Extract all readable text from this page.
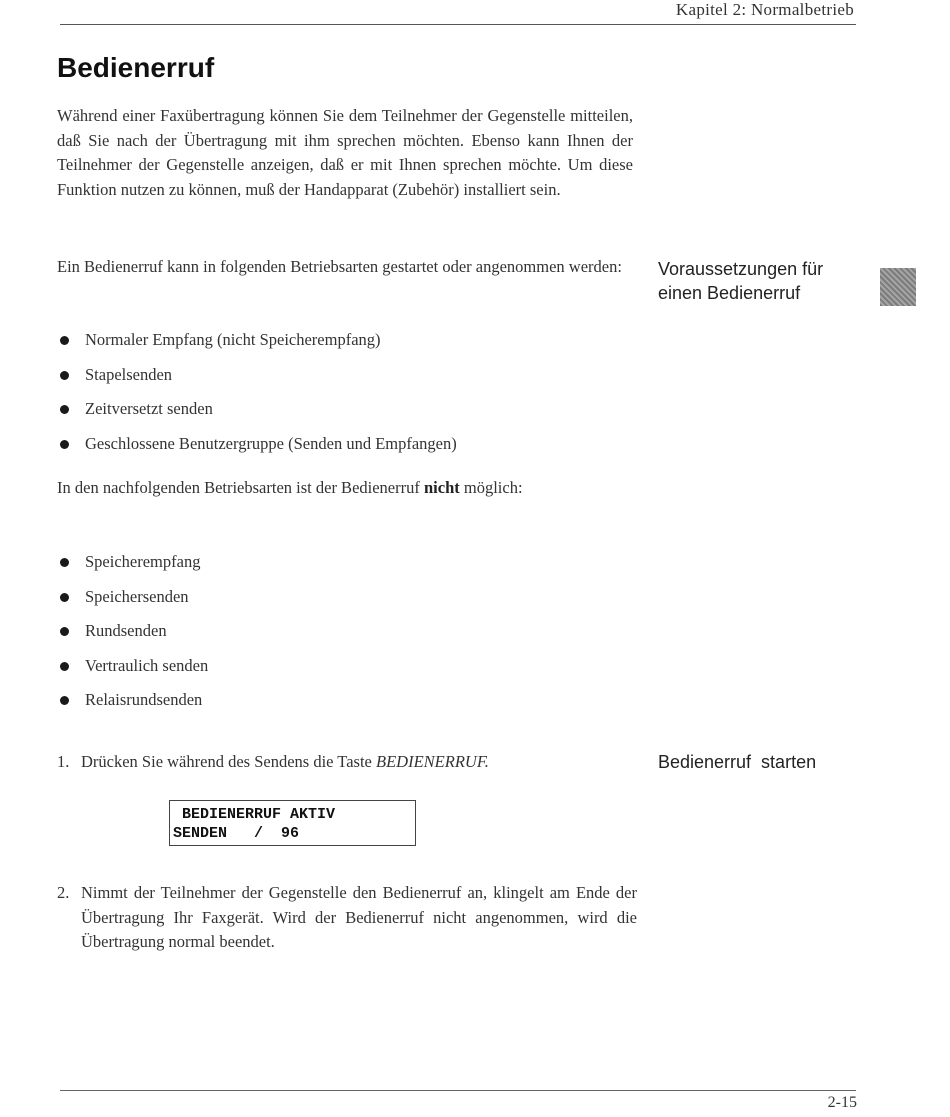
Kapitel 2: Normalbetrieb
Bedienerruf
Während einer Faxübertragung können Sie dem Teilnehmer der Gegenstelle mitteilen, daß Sie nach der Übertragung mit ihm sprechen möchten. Ebenso kann Ihnen der Teilnehmer der Gegenstelle anzeigen, daß er mit Ihnen sprechen möchte. Um diese Funktion nutzen zu können, muß der Handapparat (Zubehör) installiert sein.
Ein Bedienerruf kann in folgenden Betriebsarten gestartet oder angenommen werden:	Voraussetzungen für einen Bedienerruf
Normaler Empfang (nicht Speicherempfang)
Stapelsenden
Zeitversetzt senden
Geschlossene Benutzergruppe (Senden und Empfangen)
In den nachfolgenden Betriebsarten ist der Bedienerruf nicht möglich:
Speicherempfang
Speichersenden
Rundsenden
Vertraulich senden
Relaisrundsenden
1. Drücken Sie während des Sendens die Taste BEDIENERRUF.	Bedienerruf  starten
BEDIENERRUF AKTIV
SENDEN   /  96
2. Nimmt der Teilnehmer der Gegenstelle den Bedienerruf an, klingelt am Ende der Übertragung Ihr Faxgerät. Wird der Bedienerruf nicht angenommen, wird die Übertragung normal beendet.
2-15
